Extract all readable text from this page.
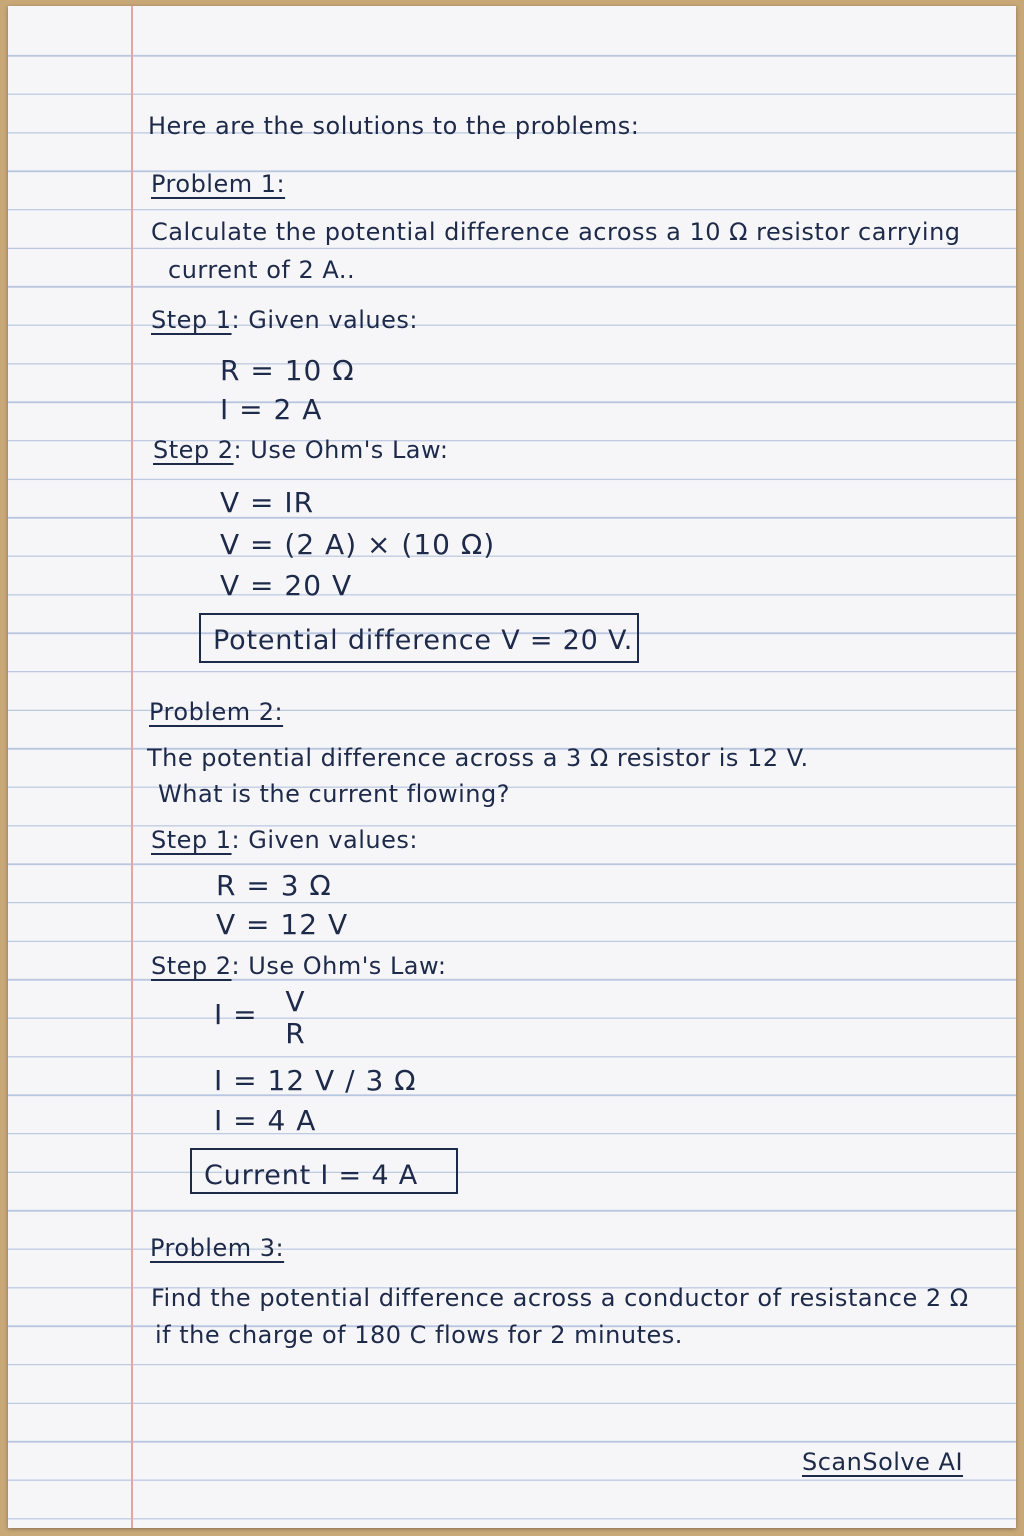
Here are the solutions to the problems:
Problem 1:
Calculate the potential difference across a 10 Ω resistor carrying
current of 2 A..
Step 1: Given values:
R = 10 Ω
I = 2 A
Step 2: Use Ohm's Law:
V = IR
V = (2 A) × (10 Ω)
V = 20 V
Potential difference V = 20 V.
Problem 2:
The potential difference across a 3 Ω resistor is 12 V.
What is the current flowing?
Step 1: Given values:
R = 3 Ω
V = 12 V
Step 2: Use Ohm's Law:
I = V
R
I = 12 V / 3 Ω
I = 4 A
Current I = 4 A
Problem 3:
Find the potential difference across a conductor of resistance 2 Ω
if the charge of 180 C flows for 2 minutes.
ScanSolve AI
